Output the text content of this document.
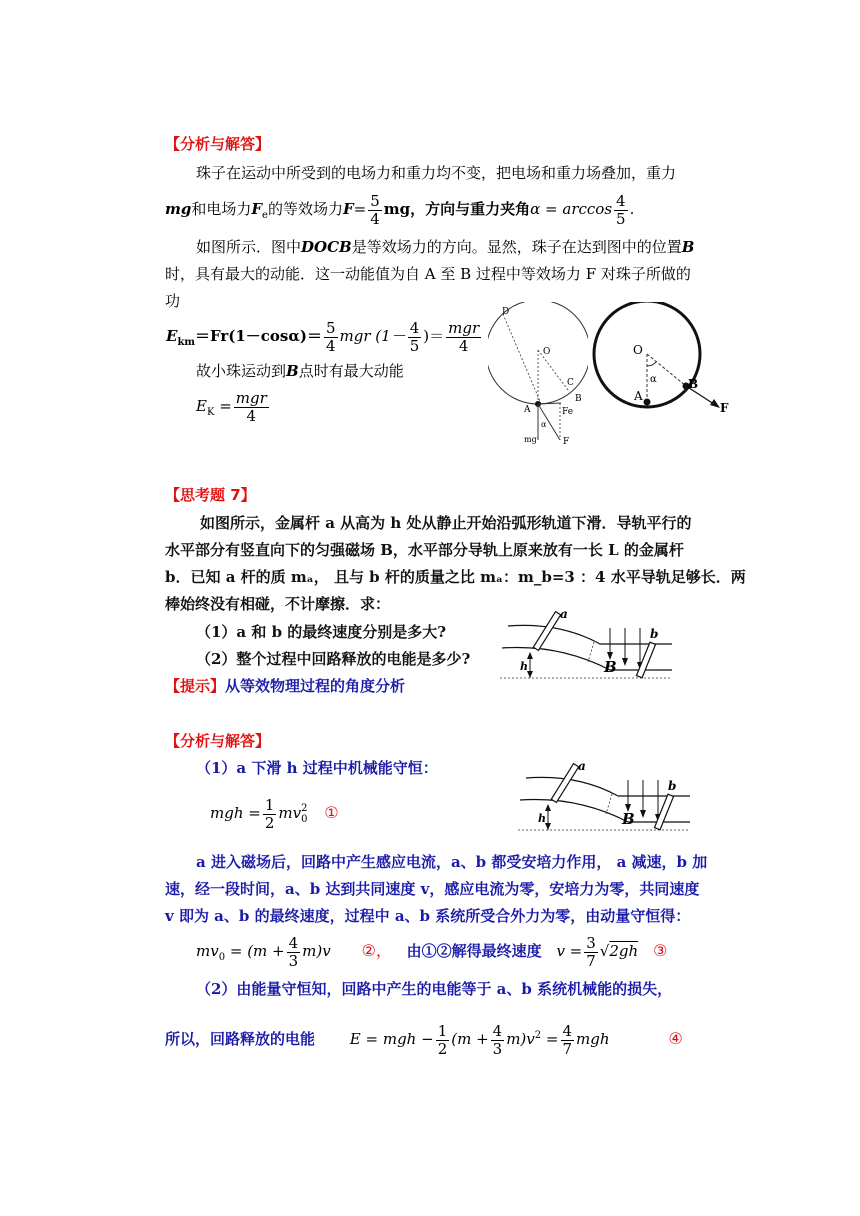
【分析与解答】
珠子在运动中所受到的电场力和重力均不变，把电场和重力场叠加，重力
mg和电场力$F_e$的等效场力$F= \frac{5}{4}$ mg，方向与重力夹角$\alpha = \arccos \frac{4}{5}$ .
如图所示．图中DOCB是等效场力的方向。显然，珠子在达到图中的位置B
时，具有最大的动能．这一动能值为自 A 至 B 过程中等效场力 F 对珠子所做的
功
$E_{km}=Fr(1-\cos\alpha)= \frac{5}{4}$ mgr ($1- \frac{4}{5}$ )＝ $\frac{\text{mgr}}{4}$
故小珠运动到B点时有最大动能
$E_K = \frac{\text{mgr}}{4}$
D
O
C
B
A	Fe
α
mg	F
O
α
A
B
F
【思考题 7】
如图所示，金属杆 a 从高为 h 处从静止开始沿弧形轨道下滑．导轨平行的
水平部分有竖直向下的匀强磁场 B，水平部分导轨上原来放有一长 L 的金属杆
b．已知 a 杆的质 mₐ， 且与 b 杆的质量之比 mₐ：m_b=3 ：4 水平导轨足够长．两
棒始终没有相碰，不计摩擦．求：
（1）a 和 b 的最终速度分别是多大?
（2）整个过程中回路释放的电能是多少?
【提示】从等效物理过程的角度分析
a
b
h	B
【分析与解答】
（1）a 下滑 h 过程中机械能守恒：
mgh = $\frac{1}{2}$ mv 2
0 ①
a
b
h	B
a 进入磁场后，回路中产生感应电流，a、b 都受安培力作用， a 减速，b 加
速，经一段时间，a、b 达到共同速度 v，感应电流为零，安培力为零，共同速度
v 即为 a、b 的最终速度，过程中 a、b 系统所受合外力为零，由动量守恒得：
$mv_0 = (m + \frac{4}{3} m)v$ ②， 由①②解得最终速度 $v = \frac{3}{7} √2gh$ ③
（2）由能量守恒知，回路中产生的电能等于 a、b 系统机械能的损失，
所以，回路释放的电能 E = mgh − $\frac{1}{2} (m + \frac{4}{3} m)v^2 = \frac{4}{7}$ mgh	④
